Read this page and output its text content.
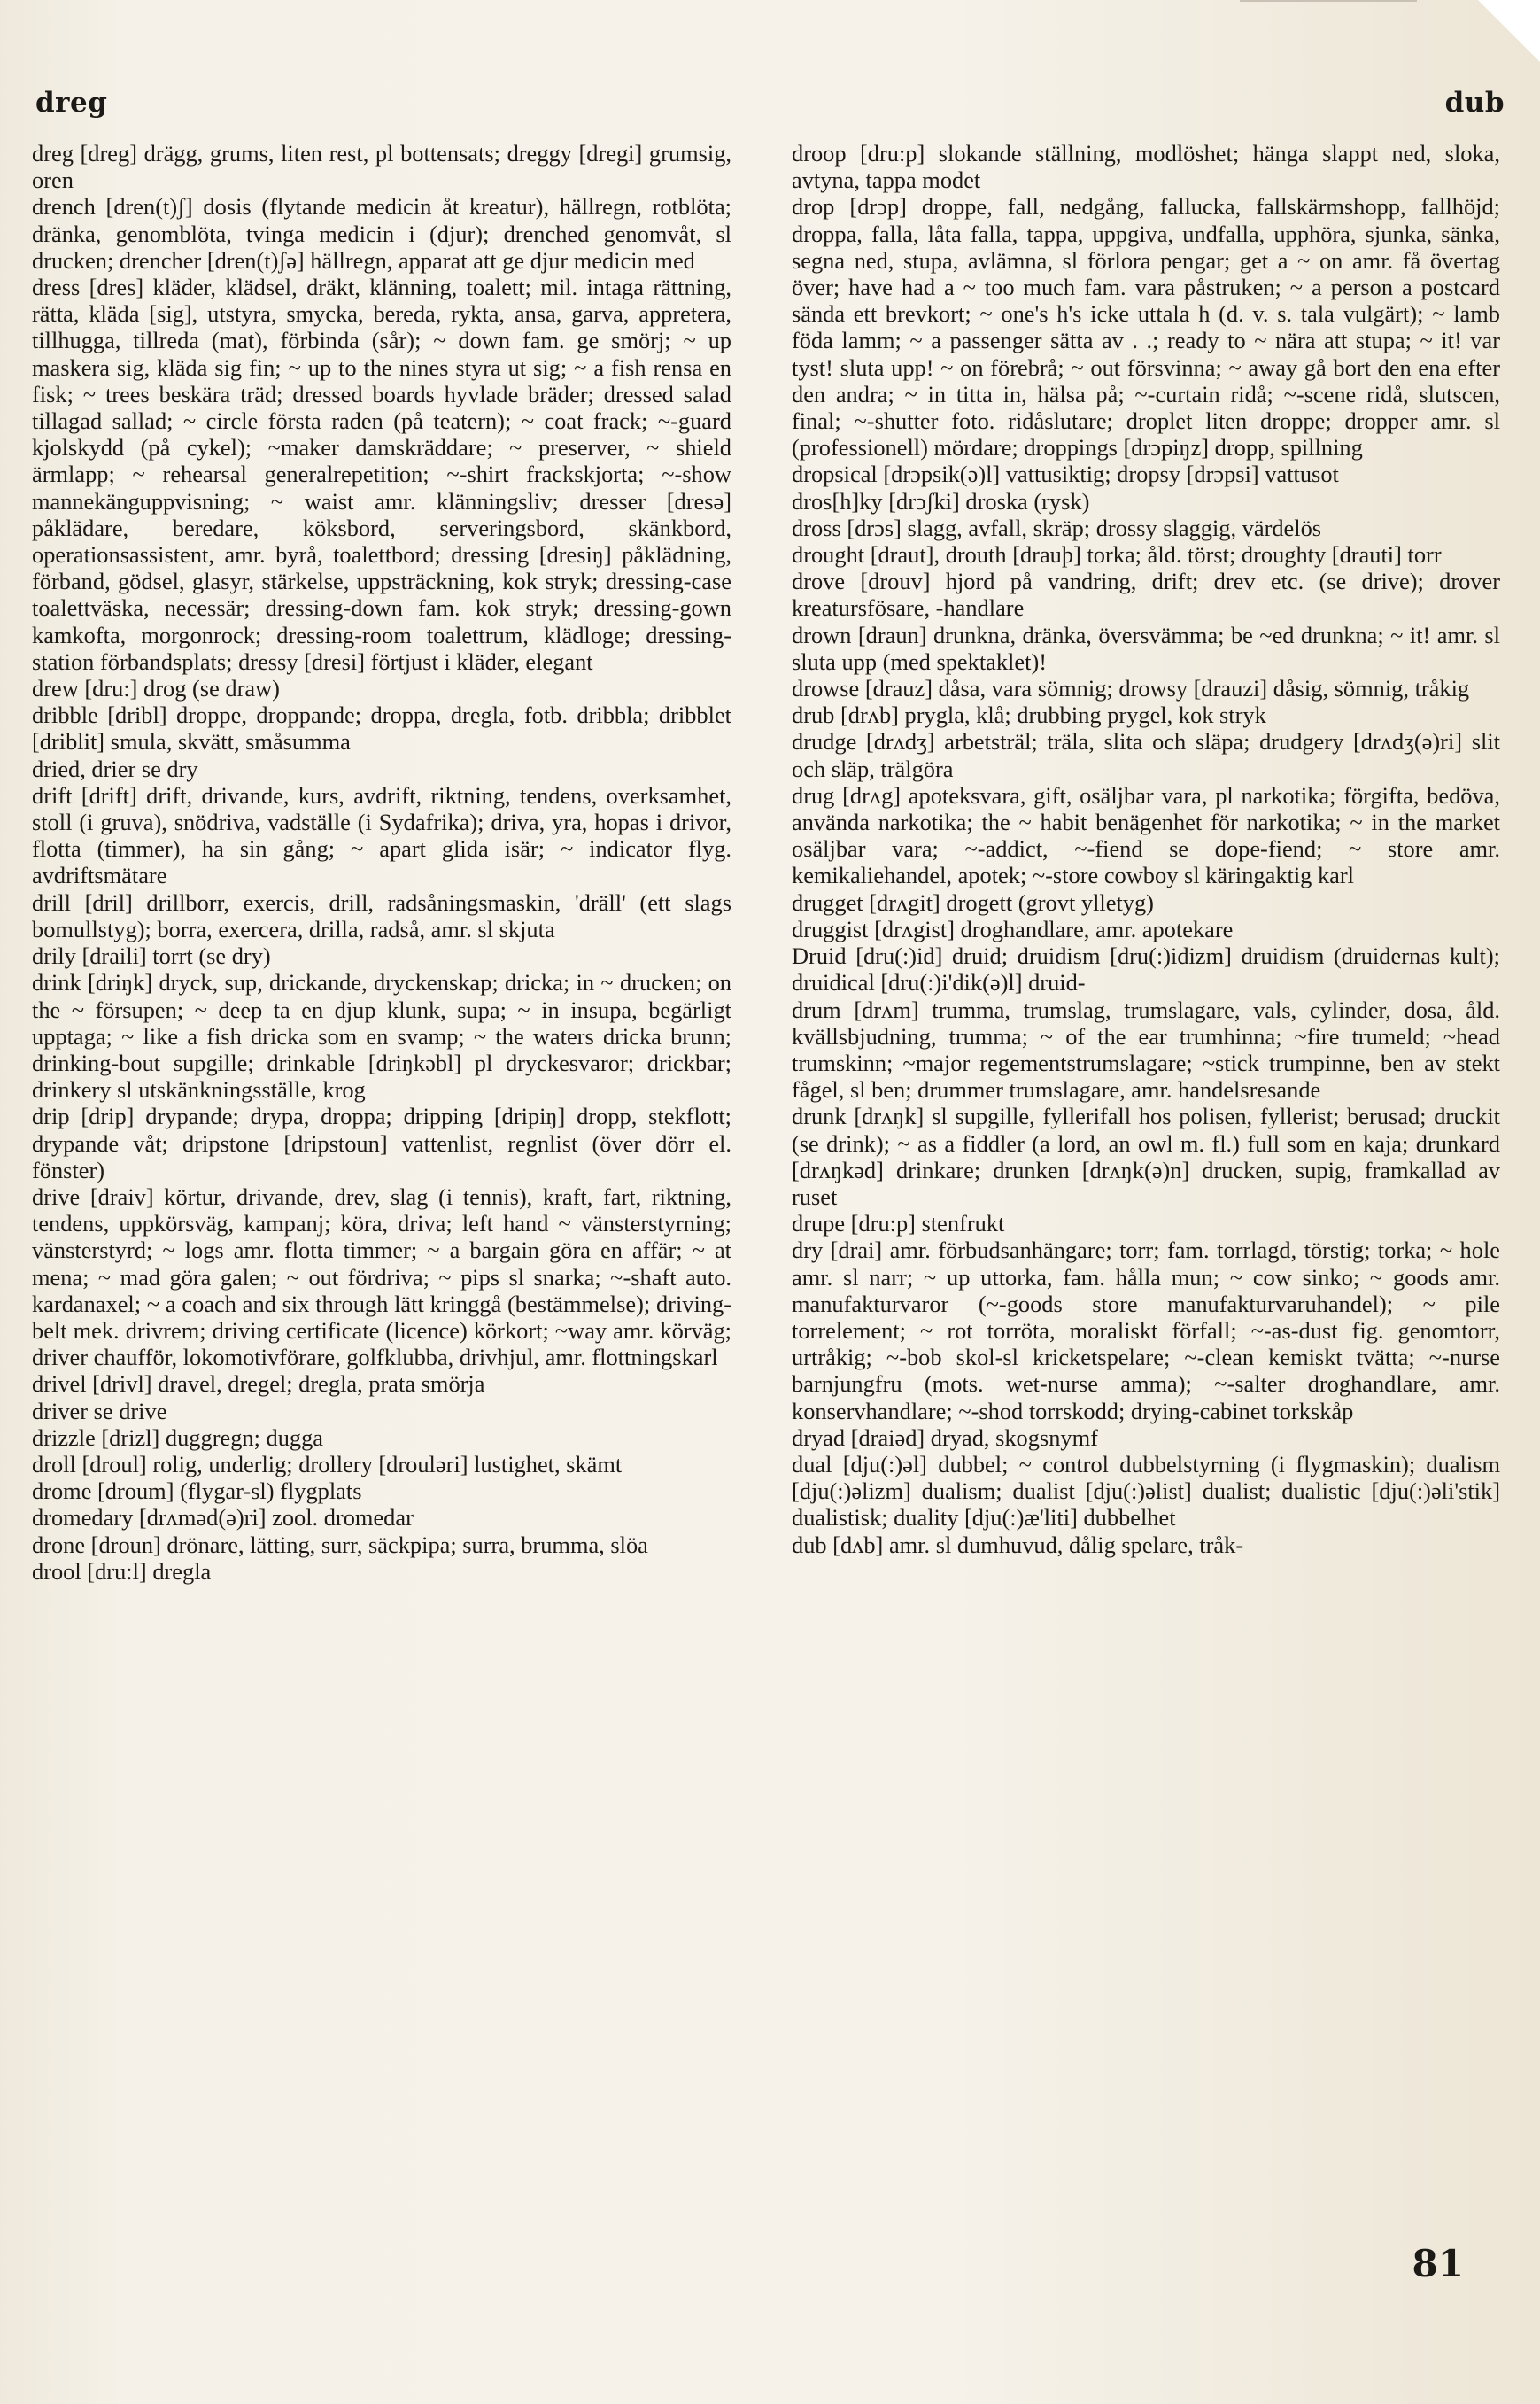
dreg	dub

dreg [dreg] drägg, grums, liten rest, pl bottensats; dreggy [dregi] grumsig, oren

drench [dren(t)ʃ] dosis (flytande medicin åt kreatur), hällregn, rotblöta; dränka, genomblöta, tvinga medicin i (djur); drenched genomvåt, sl drucken; drencher [dren(t)ʃə] hällregn, apparat att ge djur medicin med

dress [dres] kläder, klädsel, dräkt, klänning, toalett; mil. intaga rättning, rätta, kläda [sig], utstyra, smycka, bereda, rykta, ansa, garva, appretera, tillhugga, tillreda (mat), förbinda (sår); ~ down fam. ge smörj; ~ up maskera sig, kläda sig fin; ~ up to the nines styra ut sig; ~ a fish rensa en fisk; ~ trees beskära träd; dressed boards hyvlade bräder; dressed salad tillagad sallad; ~ circle första raden (på teatern); ~ coat frack; ~-guard kjolskydd (på cykel); ~maker damskräddare; ~ preserver, ~ shield ärmlapp; ~ rehearsal generalrepetition; ~-shirt frackskjorta; ~-show mannekänguppvisning; ~ waist amr. klänningsliv; dresser [dresə] påklädare, beredare, köksbord, serveringsbord, skänkbord, operationsassistent, amr. byrå, toalettbord; dressing [dresiŋ] påklädning, förband, gödsel, glasyr, stärkelse, uppsträckning, kok stryk; dressing-case toalettväska, necessär; dressing-down fam. kok stryk; dressing-gown kamkofta, morgonrock; dressing-room toalettrum, klädloge; dressing-station förbandsplats; dressy [dresi] förtjust i kläder, elegant

drew [dru:] drog (se draw)

dribble [dribl] droppe, droppande; droppa, dregla, fotb. dribbla; dribblet [driblit] smula, skvätt, småsumma

dried, drier se dry

drift [drift] drift, drivande, kurs, avdrift, riktning, tendens, overksamhet, stoll (i gruva), snödriva, vadställe (i Sydafrika); driva, yra, hopas i drivor, flotta (timmer), ha sin gång; ~ apart glida isär; ~ indicator flyg. avdriftsmätare

drill [dril] drillborr, exercis, drill, radsåningsmaskin, 'dräll' (ett slags bomullstyg); borra, exercera, drilla, radså, amr. sl skjuta

drily [draili] torrt (se dry)

drink [driŋk] dryck, sup, drickande, dryckenskap; dricka; in ~ drucken; on the ~ försupen; ~ deep ta en djup klunk, supa; ~ in insupa, begärligt upptaga; ~ like a fish dricka som en svamp; ~ the waters dricka brunn; drinking-bout supgille; drinkable [driŋkəbl] pl dryckesvaror; drickbar; drinkery sl utskänkningsställe, krog

drip [drip] drypande; drypa, droppa; dripping [dripiŋ] dropp, stekflott; drypande våt; dripstone [dripstoun] vattenlist, regnlist (över dörr el. fönster)

drive [draiv] körtur, drivande, drev, slag (i tennis), kraft, fart, riktning, tendens, uppkörsväg, kampanj; köra, driva; left hand ~ vänsterstyrning; vänsterstyrd; ~ logs amr. flotta timmer; ~ a bargain göra en affär; ~ at mena; ~ mad göra galen; ~ out fördriva; ~ pips sl snarka; ~-shaft auto. kardanaxel; ~ a coach and six through lätt kringgå (bestämmelse); driving-belt mek. drivrem; driving certificate (licence) körkort; ~way amr. körväg; driver chaufför, lokomotivförare, golfklubba, drivhjul, amr. flottningskarl

drivel [drivl] dravel, dregel; dregla, prata smörja

driver se drive

drizzle [drizl] duggregn; dugga

droll [droul] rolig, underlig; drollery [droulәri] lustighet, skämt

drome [droum] (flygar-sl) flygplats

dromedary [drʌməd(ə)ri] zool. dromedar

drone [droun] drönare, lätting, surr, säckpipa; surra, brumma, slöa

drool [dru:l] dregla

droop [dru:p] slokande ställning, modlöshet; hänga slappt ned, sloka, avtyna, tappa modet

drop [drɔp] droppe, fall, nedgång, fallucka, fallskärmshopp, fallhöjd; droppa, falla, låta falla, tappa, uppgiva, undfalla, upphöra, sjunka, sänka, segna ned, stupa, avlämna, sl förlora pengar; get a ~ on amr. få övertag över; have had a ~ too much fam. vara påstruken; ~ a person a postcard sända ett brevkort; ~ one's h's icke uttala h (d. v. s. tala vulgärt); ~ lamb föda lamm; ~ a passenger sätta av . .; ready to ~ nära att stupa; ~ it! var tyst! sluta upp! ~ on förebrå; ~ out försvinna; ~ away gå bort den ena efter den andra; ~ in titta in, hälsa på; ~-curtain ridå; ~-scene ridå, slutscen, final; ~-shutter foto. ridåslutare; droplet liten droppe; dropper amr. sl (professionell) mördare; droppings [drɔpiŋz] dropp, spillning

dropsical [drɔpsik(ə)l] vattusiktig; dropsy [drɔpsi] vattusot

dros[h]ky [drɔʃki] droska (rysk)

dross [drɔs] slagg, avfall, skräp; drossy slaggig, värdelös

drought [draut], drouth [drauþ] torka; åld. törst; droughty [drauti] torr

drove [drouv] hjord på vandring, drift; drev etc. (se drive); drover kreatursfösare, -handlare

drown [draun] drunkna, dränka, översvämma; be ~ed drunkna; ~ it! amr. sl sluta upp (med spektaklet)!

drowse [drauz] dåsa, vara sömnig; drowsy [drauzi] dåsig, sömnig, tråkig

drub [drʌb] prygla, klå; drubbing prygel, kok stryk

drudge [drʌdʒ] arbetsträl; träla, slita och släpa; drudgery [drʌdʒ(ə)ri] slit och släp, trälgöra

drug [drʌg] apoteksvara, gift, osäljbar vara, pl narkotika; förgifta, bedöva, använda narkotika; the ~ habit benägenhet för narkotika; ~ in the market osäljbar vara; ~-addict, ~-fiend se dope-fiend; ~ store amr. kemikaliehandel, apotek; ~-store cowboy sl käringaktig karl

drugget [drʌgit] drogett (grovt ylletyg)

druggist [drʌgist] droghandlare, amr. apotekare

Druid [dru(:)id] druid; druidism [dru(:)idizm] druidism (druidernas kult); druidical [dru(:)i'dik(ə)l] druid-

drum [drʌm] trumma, trumslag, trumslagare, vals, cylinder, dosa, åld. kvällsbjudning, trumma; ~ of the ear trumhinna; ~fire trumeld; ~head trumskinn; ~major regementstrumslagare; ~stick trumpinne, ben av stekt fågel, sl ben; drummer trumslagare, amr. handelsresande

drunk [drʌŋk] sl supgille, fyllerifall hos polisen, fyllerist; berusad; druckit (se drink); ~ as a fiddler (a lord, an owl m. fl.) full som en kaja; drunkard [drʌŋkəd] drinkare; drunken [drʌŋk(ə)n] drucken, supig, framkallad av ruset

drupe [dru:p] stenfrukt

dry [drai] amr. förbudsanhängare; torr; fam. torrlagd, törstig; torka; ~ hole amr. sl narr; ~ up uttorka, fam. hålla mun; ~ cow sinko; ~ goods amr. manufakturvaror (~-goods store manufakturvaruhandel); ~ pile torrelement; ~ rot torröta, moraliskt förfall; ~-as-dust fig. genomtorr, urtråkig; ~-bob skol-sl kricketspelare; ~-clean kemiskt tvätta; ~-nurse barnjungfru (mots. wet-nurse amma); ~-salter droghandlare, amr. konservhandlare; ~-shod torrskodd; drying-cabinet torkskåp

dryad [draiəd] dryad, skogsnymf

dual [dju(:)əl] dubbel; ~ control dubbelstyrning (i flygmaskin); dualism [dju(:)əlizm] dualism; dualist [dju(:)əlist] dualist; dualistic [dju(:)əli'stik] dualistisk; duality [dju(:)æ'liti] dubbelhet

dub [dʌb] amr. sl dumhuvud, dålig spelare, tråk-

81
